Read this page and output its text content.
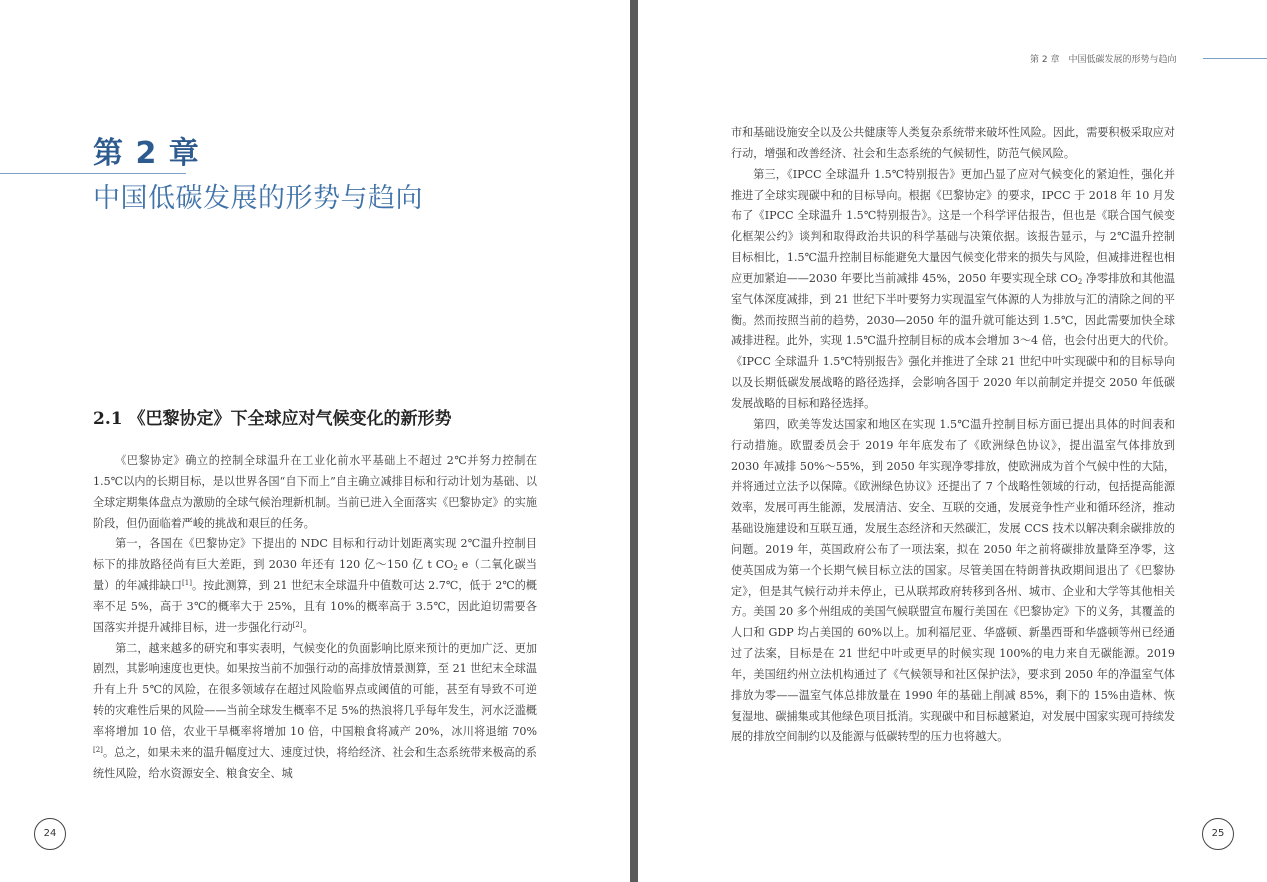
第 2 章
中国低碳发展的形势与趋向
2.1 《巴黎协定》下全球应对气候变化的新形势

《巴黎协定》确立的控制全球温升在工业化前水平基础上不超过 2℃并努力控制在 1.5℃以内的长期目标，是以世界各国“自下而上”自主确立减排目标和行动计划为基础、以全球定期集体盘点为激励的全球气候治理新机制。当前已进入全面落实《巴黎协定》的实施阶段，但仍面临着严峻的挑战和艰巨的任务。

第一，各国在《巴黎协定》下提出的 NDC 目标和行动计划距离实现 2℃温升控制目标下的排放路径尚有巨大差距，到 2030 年还有 120 亿～150 亿 t $CO_2$ e（二氧化碳当量）的年减排缺口[1]。按此测算，到 21 世纪末全球温升中值数可达 2.7℃，低于 2℃的概率不足 5%，高于 3℃的概率大于 25%，且有 10%的概率高于 3.5℃，因此迫切需要各国落实并提升减排目标，进一步强化行动[2]。

第二，越来越多的研究和事实表明，气候变化的负面影响比原来预计的更加广泛、更加剧烈，其影响速度也更快。如果按当前不加强行动的高排放情景测算，至 21 世纪末全球温升有上升 5℃的风险，在很多领域存在超过风险临界点或阈值的可能，甚至有导致不可逆转的灾难性后果的风险——当前全球发生概率不足 5%的热浪将几乎每年发生，河水泛滥概率将增加 10 倍，农业干旱概率将增加 10 倍，中国粮食将减产 20%，冰川将退缩 70%[2]。总之，如果未来的温升幅度过大、速度过快，将给经济、社会和生态系统带来极高的系统性风险，给水资源安全、粮食安全、城

24
第 2 章　中国低碳发展的形势与趋向

市和基础设施安全以及公共健康等人类复杂系统带来破坏性风险。因此，需要积极采取应对行动，增强和改善经济、社会和生态系统的气候韧性，防范气候风险。

第三，《IPCC 全球温升 1.5℃特别报告》更加凸显了应对气候变化的紧迫性，强化并推进了全球实现碳中和的目标导向。根据《巴黎协定》的要求，IPCC 于 2018 年 10 月发布了《IPCC 全球温升 1.5℃特别报告》。这是一个科学评估报告，但也是《联合国气候变化框架公约》谈判和取得政治共识的科学基础与决策依据。该报告显示，与 2℃温升控制目标相比，1.5℃温升控制目标能避免大量因气候变化带来的损失与风险，但减排进程也相应更加紧迫——2030 年要比当前减排 45%，2050 年要实现全球 $CO_2$ 净零排放和其他温室气体深度减排，到 21 世纪下半叶要努力实现温室气体源的人为排放与汇的清除之间的平衡。然而按照当前的趋势，2030—2050 年的温升就可能达到 1.5℃，因此需要加快全球减排进程。此外，实现 1.5℃温升控制目标的成本会增加 3～4 倍，也会付出更大的代价。《IPCC 全球温升 1.5℃特别报告》强化并推进了全球 21 世纪中叶实现碳中和的目标导向以及长期低碳发展战略的路径选择，会影响各国于 2020 年以前制定并提交 2050 年低碳发展战略的目标和路径选择。

第四，欧美等发达国家和地区在实现 1.5℃温升控制目标方面已提出具体的时间表和行动措施。欧盟委员会于 2019 年年底发布了《欧洲绿色协议》，提出温室气体排放到 2030 年减排 50%～55%，到 2050 年实现净零排放，使欧洲成为首个气候中性的大陆，并将通过立法予以保障。《欧洲绿色协议》还提出了 7 个战略性领域的行动，包括提高能源效率，发展可再生能源，发展清洁、安全、互联的交通，发展竞争性产业和循环经济，推动基础设施建设和互联互通，发展生态经济和天然碳汇，发展 CCS 技术以解决剩余碳排放的问题。2019 年，英国政府公布了一项法案，拟在 2050 年之前将碳排放量降至净零，这使英国成为第一个长期气候目标立法的国家。尽管美国在特朗普执政期间退出了《巴黎协定》，但是其气候行动并未停止，已从联邦政府转移到各州、城市、企业和大学等其他相关方。美国 20 多个州组成的美国气候联盟宣布履行美国在《巴黎协定》下的义务，其覆盖的人口和 GDP 均占美国的 60%以上。加利福尼亚、华盛顿、新墨西哥和华盛顿等州已经通过了法案，目标是在 21 世纪中叶或更早的时候实现 100%的电力来自无碳能源。2019 年，美国纽约州立法机构通过了《气候领导和社区保护法》，要求到 2050 年的净温室气体排放为零——温室气体总排放量在 1990 年的基础上削减 85%，剩下的 15%由造林、恢复湿地、碳捕集或其他绿色项目抵消。实现碳中和目标越紧迫，对发展中国家实现可持续发展的排放空间制约以及能源与低碳转型的压力也将越大。

25
